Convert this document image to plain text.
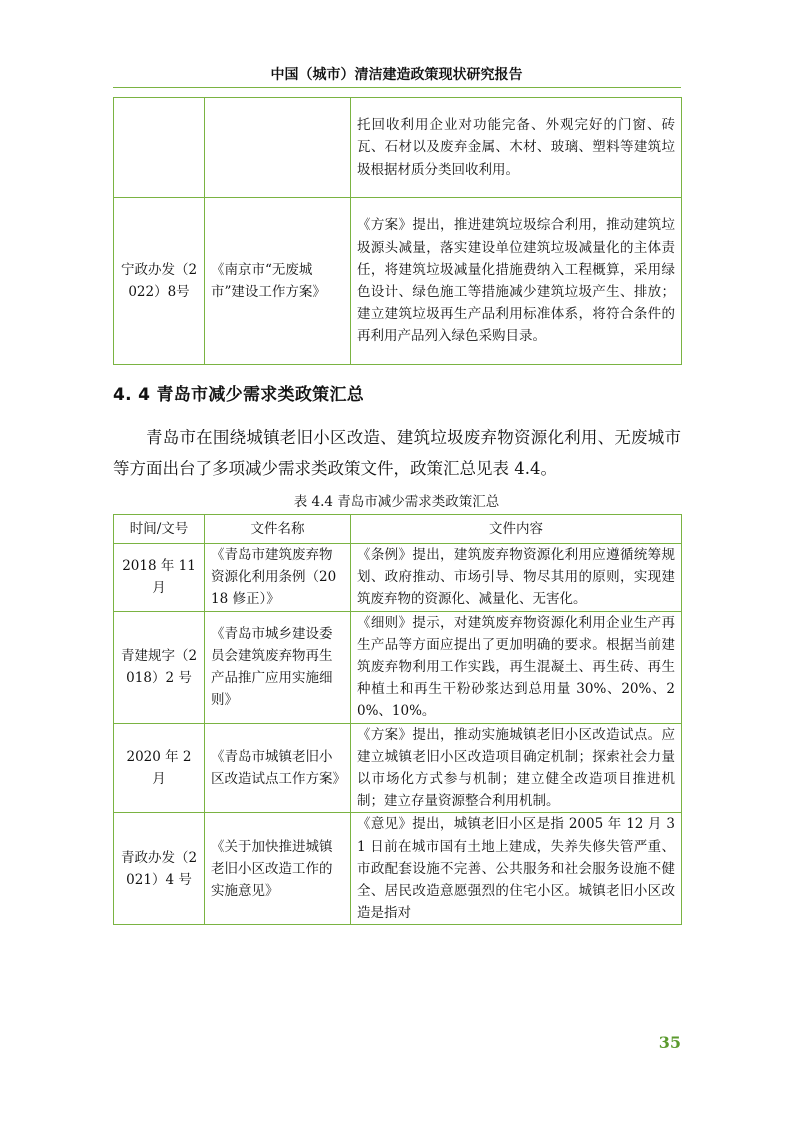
中国（城市）清洁建造政策现状研究报告
		托回收利用企业对功能完备、外观完好的门窗、砖瓦、石材以及废弃金属、木材、玻璃、塑料等建筑垃圾根据材质分类回收利用。
宁政办发（2022）8号	《南京市“无废城市”建设工作方案》	《方案》提出，推进建筑垃圾综合利用，推动建筑垃圾源头减量，落实建设单位建筑垃圾减量化的主体责任，将建筑垃圾减量化措施费纳入工程概算，采用绿色设计、绿色施工等措施减少建筑垃圾产生、排放；建立建筑垃圾再生产品利用标准体系，将符合条件的再利用产品列入绿色采购目录。
4. 4 青岛市减少需求类政策汇总
青岛市在围绕城镇老旧小区改造、建筑垃圾废弃物资源化利用、无废城市等方面出台了多项减少需求类政策文件，政策汇总见表 4.4。
表 4.4 青岛市减少需求类政策汇总
时间/文号	文件名称	文件内容
2018 年 11 月	《青岛市建筑废弃物资源化利用条例（2018 修正）》	《条例》提出，建筑废弃物资源化利用应遵循统筹规划、政府推动、市场引导、物尽其用的原则，实现建筑废弃物的资源化、减量化、无害化。
青建规字（2018）2 号	《青岛市城乡建设委员会建筑废弃物再生产品推广应用实施细则》	《细则》提示，对建筑废弃物资源化利用企业生产再生产品等方面应提出了更加明确的要求。根据当前建筑废弃物利用工作实践，再生混凝土、再生砖、再生种植土和再生干粉砂浆达到总用量 30%、20%、20%、10%。
2020 年 2 月	《青岛市城镇老旧小区改造试点工作方案》	《方案》提出，推动实施城镇老旧小区改造试点。应建立城镇老旧小区改造项目确定机制；探索社会力量以市场化方式参与机制；建立健全改造项目推进机制；建立存量资源整合利用机制。
青政办发（2021）4 号	《关于加快推进城镇老旧小区改造工作的实施意见》	《意见》提出，城镇老旧小区是指 2005 年 12 月 31 日前在城市国有土地上建成，失养失修失管严重、市政配套设施不完善、公共服务和社会服务设施不健全、居民改造意愿强烈的住宅小区。城镇老旧小区改造是指对
35
